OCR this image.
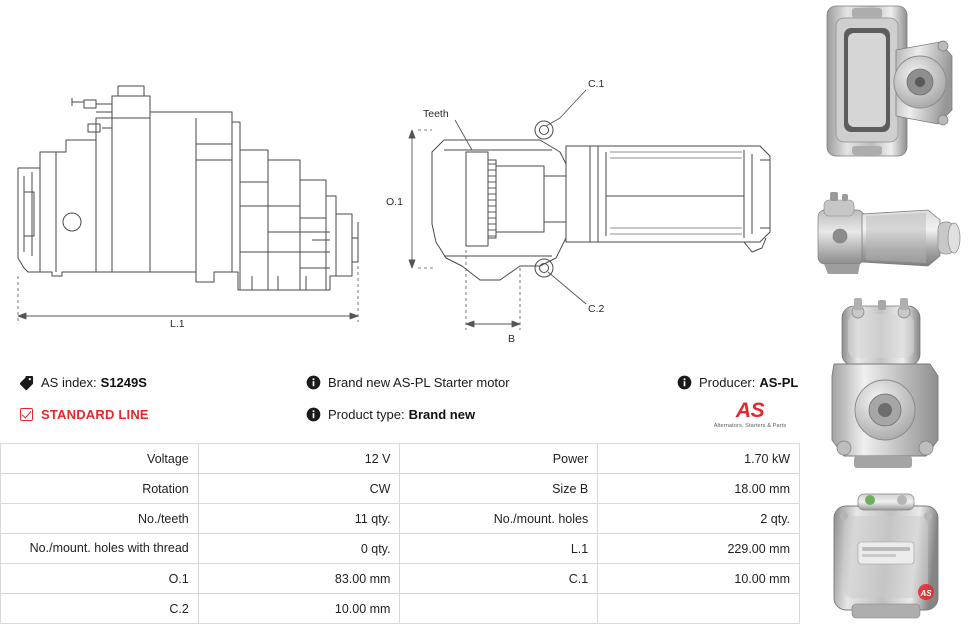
L.1
O.1
B
Teeth
C.1
C.2
AS index: S1249S
STANDARD LINE
Brand new AS-PL Starter motor
Product type: Brand new
Producer: AS-PL
AS
Alternators, Starters & Parts
Voltage	12 V	Power	1.70 kW
Rotation	CW	Size B	18.00 mm
No./teeth	11 qty.	No./mount. holes	2 qty.
No./mount. holes with thread	0 qty.	L.1	229.00 mm
O.1	83.00 mm	C.1	10.00 mm
C.2	10.00 mm		
AS
